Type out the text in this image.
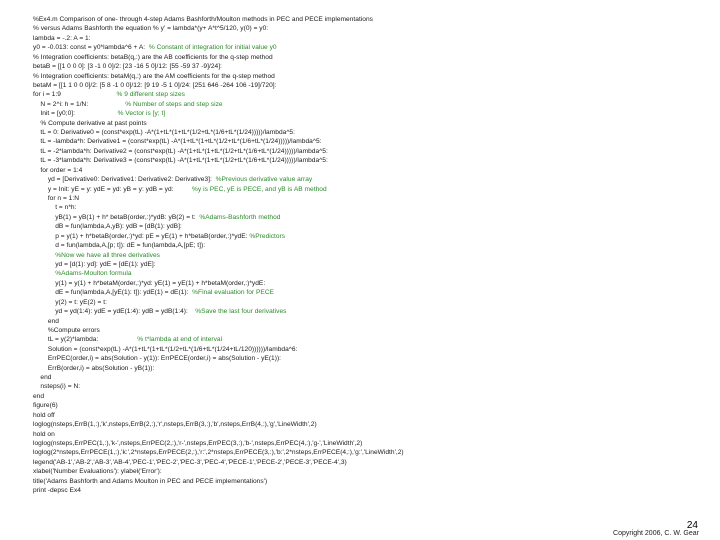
%Ex4.m Comparison of one- through 4-step Adams Bashforth/Moulton methods in PEC and PECE implementations
% versus Adams Bashforth the equation % y' = lambda*(y+ A*t^5/120, y(0) = y0:
lambda = -.2: A = 1:
y0 = -0.013: const = y0*lambda^6 + A:  % Constant of integration for initial value y0
% Integration coefficients: betaB(q,:) are the AB coefficients for the q-step method
betaB = [[1 0 0 0]: [3 -1 0 0]/2: [23 -16 5 0]/12: [55 -59 37 -9]/24]:
% Integration coefficients: betaM(q,:) are the AM coefficients for the q-step method
betaM = [[1 1 0 0 0]/2: [5 8 -1 0 0]/12: [9 19 -5 1 0]/24: [251 646 -264 106 -19]/720]:
for i = 1:9                              % 9 different step sizes
N = 2^i: h = 1/N:                    % Number of steps and step size
Init = [y0;0]:                       % Vector is [y; t]
% Compute derivative at past points
tL = 0: Derivative0 = (const*exp(tL) -A*(1+tL*(1+tL*(1/2+tL*(1/6+tL*(1/24)))))/lambda^5:
tL = -lambda*h: Derivative1 = (const*exp(tL) -A*(1+tL*(1+tL*(1/2+tL*(1/6+tL*(1/24)))))/lambda^5:
tL = -2*lambda*h: Derivative2 = (const*exp(tL) -A*(1+tL*(1+tL*(1/2+tL*(1/6+tL*(1/24)))))/lambda^5:
tL = -3*lambda*h: Derivative3 = (const*exp(tL) -A*(1+tL*(1+tL*(1/2+tL*(1/6+tL*(1/24)))))/lambda^5:
for order = 1:4
yd = [Derivative0: Derivative1: Derivative2: Derivative3]:  %Previous derivative value array
y = Init: yE = y: ydE = yd: yB = y: ydB = yd:          %y is PEC, yE is PECE, and yB is AB method
for n = 1:N
t = n*h:
yB(1) = yB(1) + h* betaB(order,:)*ydB: yB(2) = t:  %Adams-Bashforth method
dB = fun(lambda,A,yB): ydB = [dB(1): ydB]:
p = y(1) + h*betaB(order,:)*yd: pE = yE(1) + h*betaB(order,:)*ydE: %Predictors
d = fun(lambda,A,[p; t]): dE = fun(lambda,A,[pE; t]):
%Now we have all three derivatives
yd = [d(1): yd]: ydE = [dE(1): ydE]:
%Adams-Moulton formula
y(1) = y(1) + h*betaM(order,:)*yd: yE(1) = yE(1) + h*betaM(order,:)*ydE:
dE = fun(lambda,A,[yE(1): t]): ydE(1) = dE(1):  %Final evaluation for PECE
y(2) = t: yE(2) = t:
yd = yd(1:4): ydE = ydE(1:4): ydB = ydB(1:4):    %Save the last four derivatives
end
%Compute errors
tL = y(2)*lambda:                     % t*lambda at end of interval
Solution = (const*exp(tL) -A*(1+tL*(1+tL*(1/2+tL*(1/6+tL*(1/24+tL/120))))))/lambda^6:
ErrPEC(order,i) = abs(Solution - y(1)): ErrPECE(order,i) = abs(Solution - yE(1)):
ErrB(order,i) = abs(Solution - yB(1)):
end
nsteps(i) = N:
end
figure(6)
hold off
loglog(nsteps,ErrB(1,:),'k',nsteps,ErrB(2,:),'r',nsteps,ErrB(3,:),'b',nsteps,ErrB(4,:),'g','LineWidth',2)
hold on
loglog(nsteps,ErrPEC(1,:),'k-',nsteps,ErrPEC(2,:),'r-',nsteps,ErrPEC(3,:),'b-',nsteps,ErrPEC(4,:),'g-','LineWidth',2)
loglog(2*nsteps,ErrPECE(1,:),'k:',2*nsteps,ErrPECE(2,:),'r:',2*nsteps,ErrPECE(3,:),'b:',2*nsteps,ErrPECE(4,:),'g:','LineWidth',2)
legend('AB-1','AB-2','AB-3','AB-4','PEC-1','PEC-2','PEC-3','PEC-4','PECE-1','PECE-2','PECE-3','PECE-4',3)
xlabel('Number Evaluations'): ylabel('Error'):
title('Adams Bashforth and Adams Moulton in PEC and PECE implementations')
print -depsc Ex4
24
Copyright 2006, C. W. Gear
